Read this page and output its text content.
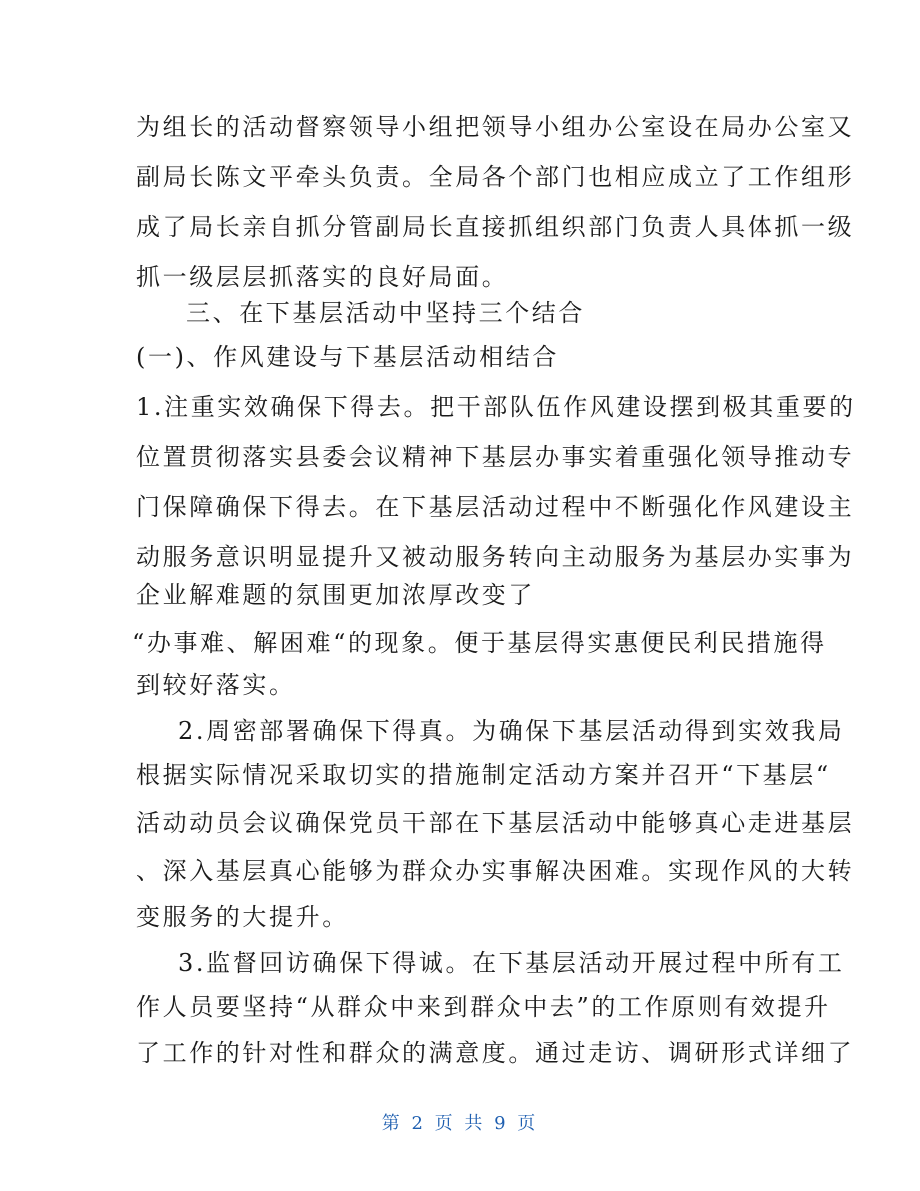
为组长的活动督察领导小组把领导小组办公室设在局办公室又
副局长陈文平牵头负责。全局各个部门也相应成立了工作组形
成了局长亲自抓分管副局长直接抓组织部门负责人具体抓一级
抓一级层层抓落实的良好局面。
三、在下基层活动中坚持三个结合
(一)、作风建设与下基层活动相结合
1.注重实效确保下得去。把干部队伍作风建设摆到极其重要的
位置贯彻落实县委会议精神下基层办事实着重强化领导推动专
门保障确保下得去。在下基层活动过程中不断强化作风建设主
动服务意识明显提升又被动服务转向主动服务为基层办实事为
企业解难题的氛围更加浓厚改变了
“办事难、解困难“的现象。便于基层得实惠便民利民措施得
到较好落实。
2.周密部署确保下得真。为确保下基层活动得到实效我局
根据实际情况采取切实的措施制定活动方案并召开“下基层“
活动动员会议确保党员干部在下基层活动中能够真心走进基层
、深入基层真心能够为群众办实事解决困难。实现作风的大转
变服务的大提升。
3.监督回访确保下得诚。在下基层活动开展过程中所有工
作人员要坚持“从群众中来到群众中去”的工作原则有效提升
了工作的针对性和群众的满意度。通过走访、调研形式详细了
第 2 页 共 9 页
